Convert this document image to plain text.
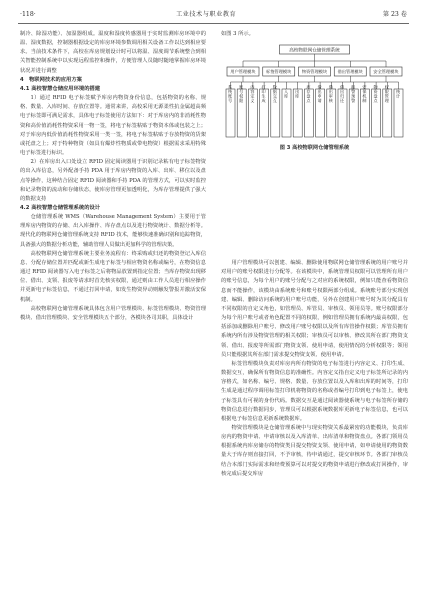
·118·	工业技术与职业教育	第 23 卷

制冷、除湿功能）、加湿器组成。温度和湿度传感器用于实时监测库房环境中的温、湿度数据，控制器根据设定的库房环境参数调用相关设备工作以达到相应要求。当前技术条件下，高校在库房规划设计时可以将温、湿度调节系统整合到相关智能控制系统中以实现远程监控和操作，方便管理人员随时随地掌握库房环境状况并进行调整

4　物联网技术的应用方案

4.1 高校智慧仓储应用环境的搭建

1）通过 RFID 电子标签赋予库房内物资身份信息，包括物资的名称、规格、数量、入库时间、存放位置等。通常来讲，高校采用无源柔性抗金属超高频电子标签即可满足需求，具体电子标签使用方法如下：对于库房内的非消耗性物资和高价值消耗性物资采用一物一签，将电子标签粘贴于物资本体或包装之上；对于库房内低价值消耗性物资采用一类一签，将电子标签粘贴于存放物资的货架或托盘之上；对于特种物资（如具有爆炸性物质或带电物资）根据需求采用特殊电子标签进行标识。

2）在库房出入口处设立 RFID 固定阅读器用于识别记录粘有电子标签物资的出入库信息，另外配备手持 PDA 用于库房内物资的入库、出库、移位以及盘点等操作，这种结合固定 RFID 阅读器和手持 PDA 的管理方式，可以实时监控和记录物资的流动和存储状态，使库房管理更加透明化，为库存管理提供了强大的数据支持

4.2 高校智慧仓储管理系统的设计

仓储管理系统 WMS（Warehouse Management System）主要用于管理库房内物资的存储、出入库操作、库存盘点以及进行物资统计、数据分析等。现代化的物联网仓储管理系统支持 RFID 技术，能够快速准确识别和追踪物资，具备强大的数据分析功能，辅助管理人员做出更加科学的管理决策。

高校物联网仓储管理系统主要业务流程有：终采购或归还的物资登记入库信息、分配存储位置并匹配或新生成电子标签与相应物资名称或编号，在物资信息通过 RFID 阅读器写入电子标签之后将物品放置到指定位置；当库存物资出现移位、借出、支领、报废等请求时首先核实权限，通过则由工作人员进行相应操作并更新电子标签信息，不通过打回申请，如发生物资异动则触发警报并激活安保机制。

高校物联网仓储管理系统具体包含用户管理模块、标签管理模块、物资管理模块、借出管理模块、安全管理模块五个部分，各模块各司其职，具体设计

如图 3 所示。

高校物联网仓储管理系统
用户管理模块	标签管理模块	物资管理模块	借出管理模块	安全管理模块
系统账号 账号权限 内容定义 打印生成 数据交互 入库 出库 库存盘点 借出申请 借出审核 借出归还 报警预警 安保机制 物资盘点 权限管理 统计
图 3 高校物联网仓储管理系统

用户管理模块可以创建、编辑、删除使用物联网仓储管理系统的用户账号并对用户的账号权限进行分配等。在该模块中，系统管理员权限可以管理所有用户的账号信息，为每个用户的账号分配与之对应的系统权限，例如只能查看物资信息而不能操作，该模块由系统账号和账号权限两部分组成。系统账号部分实现创建、编辑、删除访问系统的用户账号功能，另外在创建用户账号时为其分配具有不同权限的自定义角色，如管理员、库管员、审核员、领用员等。账号权限部分为每个用户账号或者角色配置不同的权限，例如管理员拥有系统内最高权限，包括添加或删除用户账号、修改用户账号权限以及所有库管操作权限；库管员拥有系统内所有涉及物资管理的相关权限；审核员可以审核、修改其所在部门物资支领、借出、报废等所需部门物资支领、使用申请，使用情况的分析权限等；领用员只能根据其所在部门需求提交物资支领、使用申请。

标签管理模块负责对库房内所有物资的电子标签进行内容定义、打印生成、数据交互，确保所有物资信息的准确性。内容定义指自定义电子标签所记录的内容格式，如名称、编号、规格、数量、存放位置以及入库和出库的时间等，打印生成是通过程序调用标签打印机将物资的名称或者编号打印到电子标签上，使电子标签具有可视的身份代码。数据交互是通过阅读器使系统与电子标签所存储的物资信息进行数据同步，管理员可以根据系统数据库更新电子标签信息，也可以根据电子标签信息更新系统数据库。

物资管理模块是仓储管理系统中与现实物资关系最紧密的功能模块，负责库房内的物资申请、申请审核以及入库清单、出库清单和物资盘点。各部门领用员根据系统内库房储存的物资类目提交物资支领、使用申请，如申请使用的物资数量大于库存则直接打回，不予审核，待申请通过，提交审核环节。各部门审核员结合本部门实际需求和经费预算可以对提交的物资申请进行修改或打回操作，审核完成后提交库房
